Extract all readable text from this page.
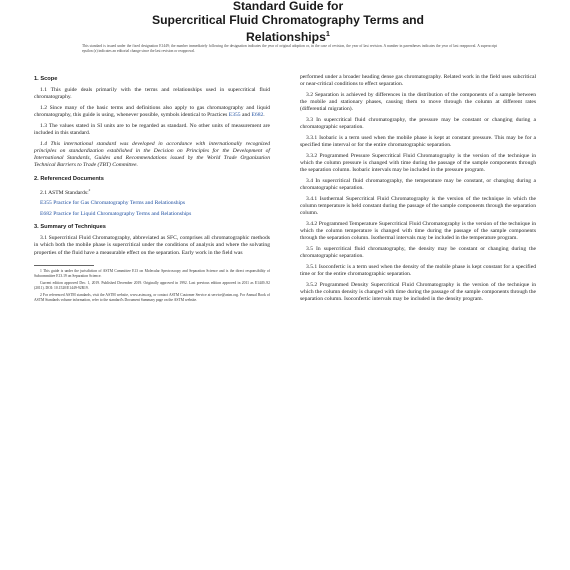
Standard Guide for
Supercritical Fluid Chromatography Terms and
Relationships$^1$
This standard is issued under the fixed designation E1449; the number immediately following the designation indicates the year of original adoption or, in the case of revision, the year of last revision. A number in parentheses indicates the year of last reapproval. A superscript epsilon (ε) indicates an editorial change since the last revision or reapproval.

1. Scope

1.1 This guide deals primarily with the terms and relationships used in supercritical fluid chromatography.

1.2 Since many of the basic terms and definitions also apply to gas chromatography and liquid chromatography, this guide is using, whenever possible, symbols identical to Practices E355 and E682.

1.3 The values stated in SI units are to be regarded as standard. No other units of measurement are included in this standard.

1.4 This international standard was developed in accordance with internationally recognized principles on standardization established in the Decision on Principles for the Development of International Standards, Guides and Recommendations issued by the World Trade Organization Technical Barriers to Trade (TBT) Committee.

2. Referenced Documents

2.1 ASTM Standards:$^2$

E355 Practice for Gas Chromatography Terms and Relationships

E682 Practice for Liquid Chromatography Terms and Relationships

3. Summary of Techniques

3.1 Supercritical Fluid Chromatography, abbreviated as SFC, comprises all chromatographic methods in which both the mobile phase is supercritical under the conditions of analysis and where the solvating properties of the fluid have a measurable effect on the separation. Early work in the field was

1 This guide is under the jurisdiction of ASTM Committee E13 on Molecular Spectroscopy and Separation Science and is the direct responsibility of Subcommittee E13.19 on Separation Science.

Current edition approved Dec. 1, 2019. Published December 2019. Originally approved in 1992. Last previous edition approved in 2011 as E1449–92 (2011). DOI: 10.1520/E1449-92R19.

2 For referenced ASTM standards, visit the ASTM website, www.astm.org, or contact ASTM Customer Service at service@astm.org. For Annual Book of ASTM Standards volume information, refer to the standard's Document Summary page on the ASTM website.

performed under a broader heading dense gas chromatography. Related work in the field uses subcritical or near-critical conditions to effect separation.

3.2 Separation is achieved by differences in the distribution of the components of a sample between the mobile and stationary phases, causing them to move through the column at different rates (differential migration).

3.3 In supercritical fluid chromatography, the pressure may be constant or changing during a chromatographic separation.

3.3.1 Isobaric is a term used when the mobile phase is kept at constant pressure. This may be for a specified time interval or for the entire chromatographic separation.

3.3.2 Programmed Pressure Supercritical Fluid Chromatography is the version of the technique in which the column pressure is changed with time during the passage of the sample components through the separation column. Isobaric intervals may be included in the pressure program.

3.4 In supercritical fluid chromatography, the temperature may be constant, or changing during a chromatographic separation.

3.4.1 Isothermal Supercritical Fluid Chromatography is the version of the technique in which the column temperature is held constant during the passage of the sample components through the separation column.

3.4.2 Programmed Temperature Supercritical Fluid Chromatography is the version of the technique in which the column temperature is changed with time during the passage of the sample components through the separation column. Isothermal intervals may be included in the temperature program.

3.5 In supercritical fluid chromatography, the density may be constant or changing during the chromatographic separation.

3.5.1 Isoconfertic is a term used when the density of the mobile phase is kept constant for a specified time or for the entire chromatographic separation.

3.5.2 Programmed Density Supercritical Fluid Chromatography is the version of the technique in which the column density is changed with time during the passage of the sample components through the separation column. Isoconfertic intervals may be included in the density program.
